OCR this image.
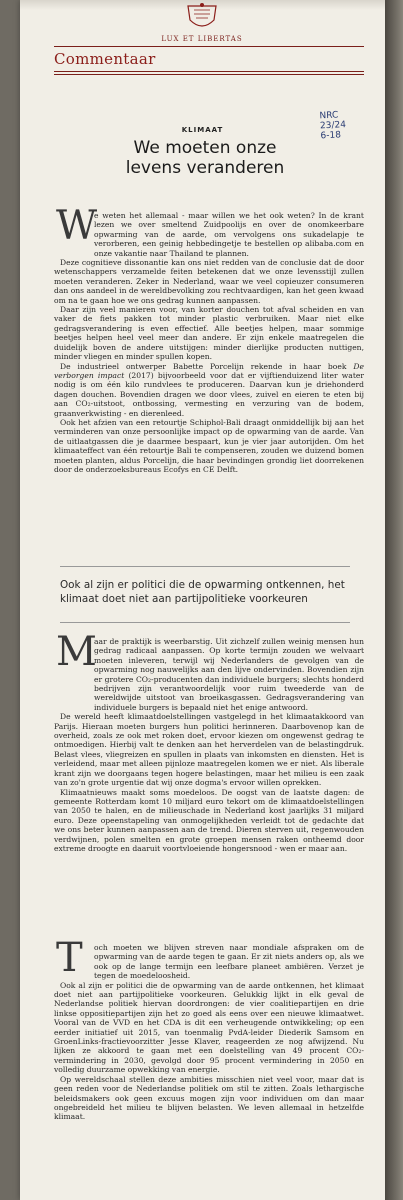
LUX ET LIBERTAS
Commentaar
NRC
23/24
6-18
KLIMAAT
We moeten onze levens veranderen
W

e weten het allemaal - maar willen we het ook weten? In de krant lezen we over smeltend Zuidpoolijs en over de onomkeerbare opwarming van de aarde, om vervolgens ons sukadelapje te verorberen, een geinig hebbedingetje te bestellen op alibaba.com en onze vakantie naar Thailand te plannen.

Deze cognitieve dissonantie kan ons niet redden van de conclusie dat de door wetenschappers verzamelde feiten betekenen dat we onze levensstijl zullen moeten veranderen. Zeker in Nederland, waar we veel copieuzer consumeren dan ons aandeel in de wereldbevolking zou rechtvaardigen, kan het geen kwaad om na te gaan hoe we ons gedrag kunnen aanpassen.

Daar zijn veel manieren voor, van korter douchen tot afval scheiden en van vaker de fiets pakken tot minder plastic verbruiken. Maar niet elke gedragsverandering is even effectief. Alle beetjes helpen, maar sommige beetjes helpen heel veel meer dan andere. Er zijn enkele maatregelen die duidelijk boven de andere uitstijgen: minder dierlijke producten nuttigen, minder vliegen en minder spullen kopen.

De industrieel ontwerper Babette Porcelijn rekende in haar boek De verborgen impact (2017) bijvoorbeeld voor dat er vijftienduizend liter water nodig is om één kilo rundvlees te produceren. Daarvan kun je driehonderd dagen douchen. Bovendien dragen we door vlees, zuivel en eieren te eten bij aan CO₂-uitstoot, ontbossing, vermesting en verzuring van de bodem, graanverkwisting - en dierenleed.

Ook het afzien van een retourtje Schiphol-Bali draagt onmiddellijk bij aan het verminderen van onze persoonlijke impact op de opwarming van de aarde. Van de uitlaatgassen die je daarmee bespaart, kun je vier jaar autorijden. Om het klimaateffect van één retourtje Bali te compenseren, zouden we duizend bomen moeten planten, aldus Porcelijn, die haar bevindingen grondig liet doorrekenen door de onderzoeksbureaus Ecofys en CE Delft.

Ook al zijn er politici die de opwarming ontkennen, het klimaat doet niet aan partijpolitieke voorkeuren
M

aar de praktijk is weerbarstig. Uit zichzelf zullen weinig mensen hun gedrag radicaal aanpassen. Op korte termijn zouden we welvaart moeten inleveren, terwijl wij Nederlanders de gevolgen van de opwarming nog nauwelijks aan den lijve ondervinden. Bovendien zijn er grotere CO₂-producenten dan individuele burgers; slechts honderd bedrijven zijn verantwoordelijk voor ruim tweederde van de wereldwijde uitstoot van broeikasgassen. Gedragsverandering van individuele burgers is bepaald niet het enige antwoord.

De wereld heeft klimaatdoelstellingen vastgelegd in het klimaatakkoord van Parijs. Hieraan moeten burgers hun politici herinneren. Daarbovenop kan de overheid, zoals ze ook met roken doet, ervoor kiezen om ongewenst gedrag te ontmoedigen. Hierbij valt te denken aan het herverdelen van de belastingdruk. Belast vlees, vliegreizen en spullen in plaats van inkomsten en diensten. Het is verleidend, maar met alleen pijnloze maatregelen komen we er niet. Als liberale krant zijn we doorgaans tegen hogere belastingen, maar het milieu is een zaak van zo'n grote urgentie dat wij onze dogma's ervoor willen oprekken.

Klimaatnieuws maakt soms moedeloos. De oogst van de laatste dagen: de gemeente Rotterdam komt 10 miljard euro tekort om de klimaatdoelstellingen van 2050 te halen, en de milieuschade in Nederland kost jaarlijks 31 miljard euro. Deze opeenstapeling van onmogelijkheden verleidt tot de gedachte dat we ons beter kunnen aanpassen aan de trend. Dieren sterven uit, regenwouden verdwijnen, polen smelten en grote groepen mensen raken ontheemd door extreme droogte en daaruit voortvloeiende hongersnood - wen er maar aan.

T	och moeten we blijven streven naar mondiale afspraken om de opwarming van de aarde tegen te gaan. Er zit niets anders op, als we ook op de lange termijn een leefbare planeet ambiëren. Verzet je tegen de moedeloosheid.

Ook al zijn er politici die de opwarming van de aarde ontkennen, het klimaat doet niet aan partijpolitieke voorkeuren. Gelukkig lijkt in elk geval de Nederlandse politiek hiervan doordrongen: de vier coalitiepartijen en drie linkse oppositiepartijen zijn het zo goed als eens over een nieuwe klimaatwet. Vooral van de VVD en het CDA is dit een verheugende ontwikkeling; op een eerder initiatief uit 2015, van toenmalig PvdA-leider Diederik Samsom en GroenLinks-fractievoorzitter Jesse Klaver, reageerden ze nog afwijzend. Nu lijken ze akkoord te gaan met een doelstelling van 49 procent CO₂-vermindering in 2030, gevolgd door 95 procent vermindering in 2050 en volledig duurzame opwekking van energie.

Op wereldschaal stellen deze ambities misschien niet veel voor, maar dat is geen reden voor de Nederlandse politiek om stil te zitten. Zoals lethargische beleidsmakers ook geen excuus mogen zijn voor individuen om dan maar ongebreideld het milieu te blijven belasten. We leven allemaal in hetzelfde klimaat.
